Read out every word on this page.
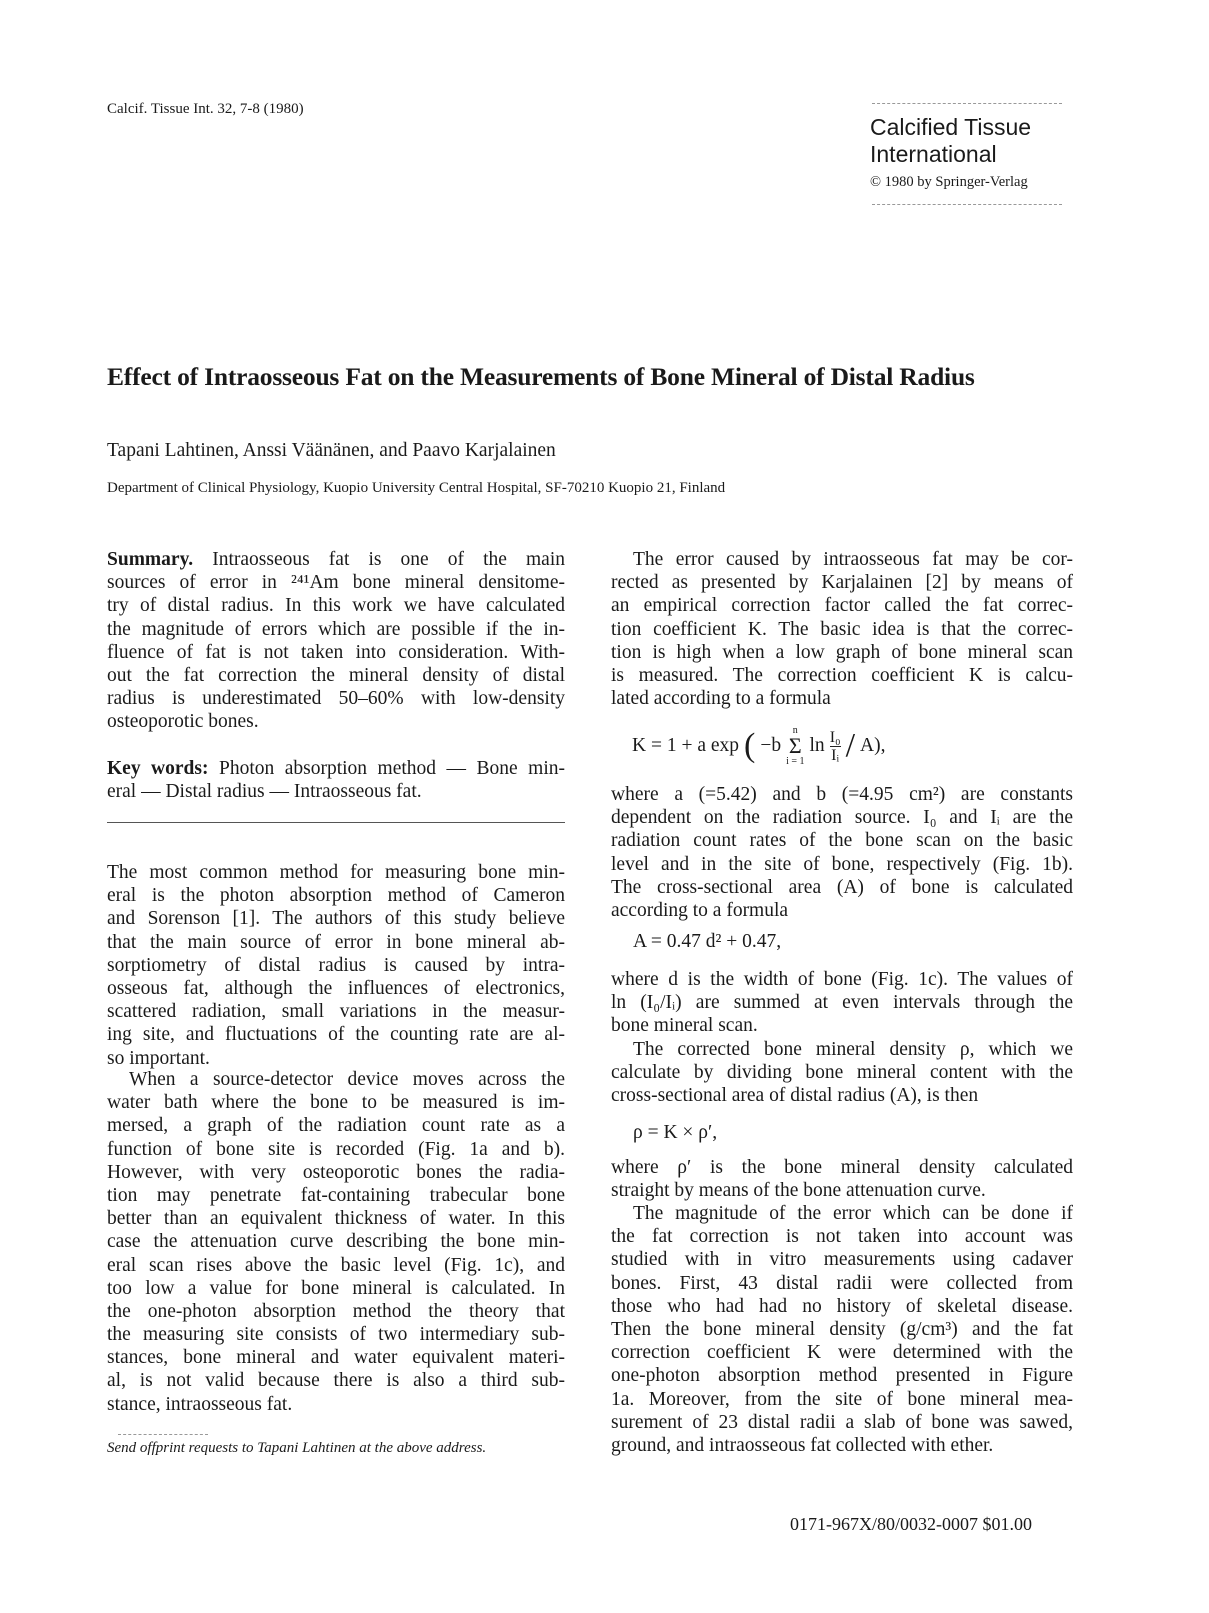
Calcif. Tissue Int. 32, 7-8 (1980)
Calcified Tissue
International
© 1980 by Springer-Verlag
Effect of Intraosseous Fat on the Measurements of Bone Mineral of Distal Radius
Tapani Lahtinen, Anssi Väänänen, and Paavo Karjalainen
Department of Clinical Physiology, Kuopio University Central Hospital, SF-70210 Kuopio 21, Finland
Summary. Intraosseous fat is one of the main
sources of error in ²⁴¹Am bone mineral densitome-
try of distal radius. In this work we have calculated
the magnitude of errors which are possible if the in-
fluence of fat is not taken into consideration. With-
out the fat correction the mineral density of distal
radius is underestimated 50–60% with low-density
osteoporotic bones.
Key words: Photon absorption method — Bone min-
eral — Distal radius — Intraosseous fat.
The most common method for measuring bone min-
eral is the photon absorption method of Cameron
and Sorenson [1]. The authors of this study believe
that the main source of error in bone mineral ab-
sorptiometry of distal radius is caused by intra-
osseous fat, although the influences of electronics,
scattered radiation, small variations in the measur-
ing site, and fluctuations of the counting rate are al-
so important.
When a source-detector device moves across the
water bath where the bone to be measured is im-
mersed, a graph of the radiation count rate as a
function of bone site is recorded (Fig. 1a and b).
However, with very osteoporotic bones the radia-
tion may penetrate fat-containing trabecular bone
better than an equivalent thickness of water. In this
case the attenuation curve describing the bone min-
eral scan rises above the basic level (Fig. 1c), and
too low a value for bone mineral is calculated. In
the one-photon absorption method the theory that
the measuring site consists of two intermediary sub-
stances, bone mineral and water equivalent materi-
al, is not valid because there is also a third sub-
stance, intraosseous fat.
Send offprint requests to Tapani Lahtinen at the above address.
The error caused by intraosseous fat may be cor-
rected as presented by Karjalainen [2] by means of
an empirical correction factor called the fat correc-
tion coefficient K. The basic idea is that the correc-
tion is high when a low graph of bone mineral scan
is measured. The correction coefficient K is calcu-
lated according to a formula
K = 1 + a exp ( −b
n
Σ
i = 1
$\ln \frac{\text{I₀}}{\text{Iᵢ}} / A$),
where a (=5.42) and b (=4.95 cm²) are constants
dependent on the radiation source. I₀ and Iᵢ are the
radiation count rates of the bone scan on the basic
level and in the site of bone, respectively (Fig. 1b).
The cross-sectional area (A) of bone is calculated
according to a formula
A = 0.47 d² + 0.47,
where d is the width of bone (Fig. 1c). The values of
ln (I₀/Iᵢ) are summed at even intervals through the
bone mineral scan.
The corrected bone mineral density ρ, which we
calculate by dividing bone mineral content with the
cross-sectional area of distal radius (A), is then
ρ = K × ρ′,
where ρ′ is the bone mineral density calculated
straight by means of the bone attenuation curve.
The magnitude of the error which can be done if
the fat correction is not taken into account was
studied with in vitro measurements using cadaver
bones. First, 43 distal radii were collected from
those who had had no history of skeletal disease.
Then the bone mineral density (g/cm³) and the fat
correction coefficient K were determined with the
one-photon absorption method presented in Figure
1a. Moreover, from the site of bone mineral mea-
surement of 23 distal radii a slab of bone was sawed,
ground, and intraosseous fat collected with ether.
0171-967X/80/0032-0007 $01.00
